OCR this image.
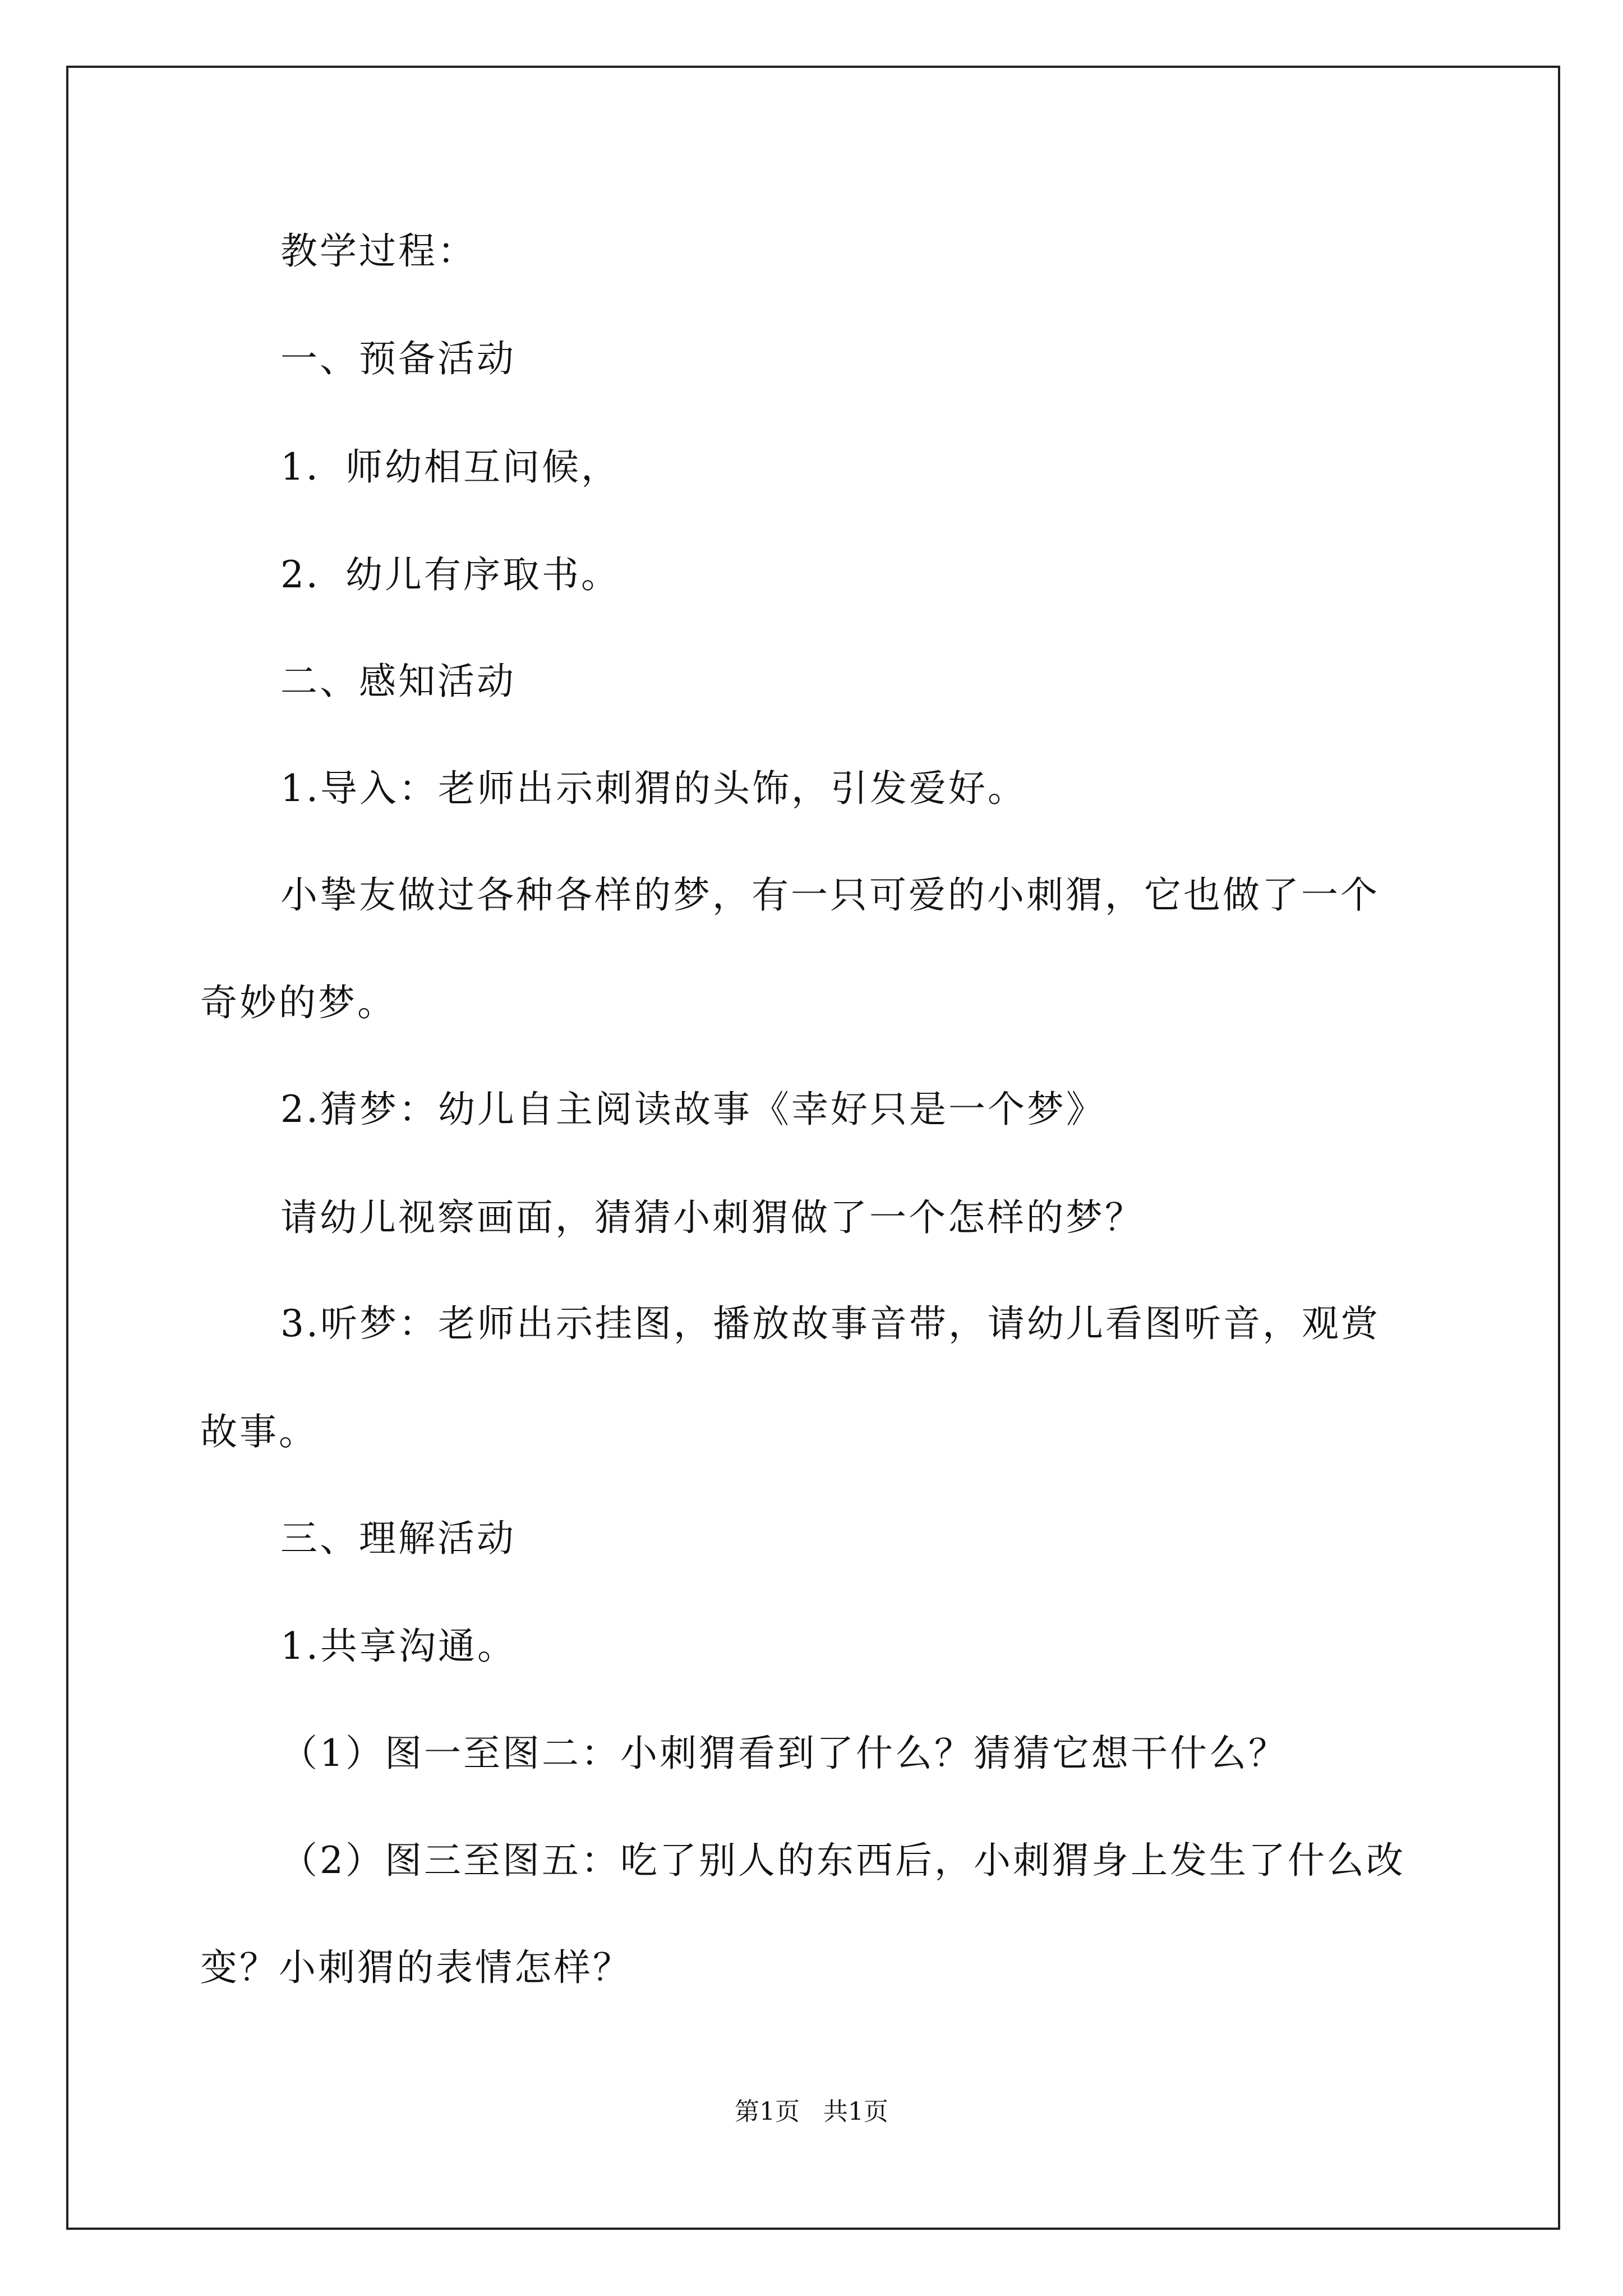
教学过程：
一、预备活动
1．师幼相互问候，
2．幼儿有序取书。
二、感知活动
1.导入：老师出示刺猬的头饰，引发爱好。
小挚友做过各种各样的梦，有一只可爱的小刺猬，它也做了一个
奇妙的梦。
2.猜梦：幼儿自主阅读故事《幸好只是一个梦》
请幼儿视察画面，猜猜小刺猬做了一个怎样的梦？
3.听梦：老师出示挂图，播放故事音带，请幼儿看图听音，观赏
故事。
三、理解活动
1.共享沟通。
（1）图一至图二：小刺猬看到了什么？猜猜它想干什么？
（2）图三至图五：吃了别人的东西后，小刺猬身上发生了什么改
变？小刺猬的表情怎样？
第1页   共1页
